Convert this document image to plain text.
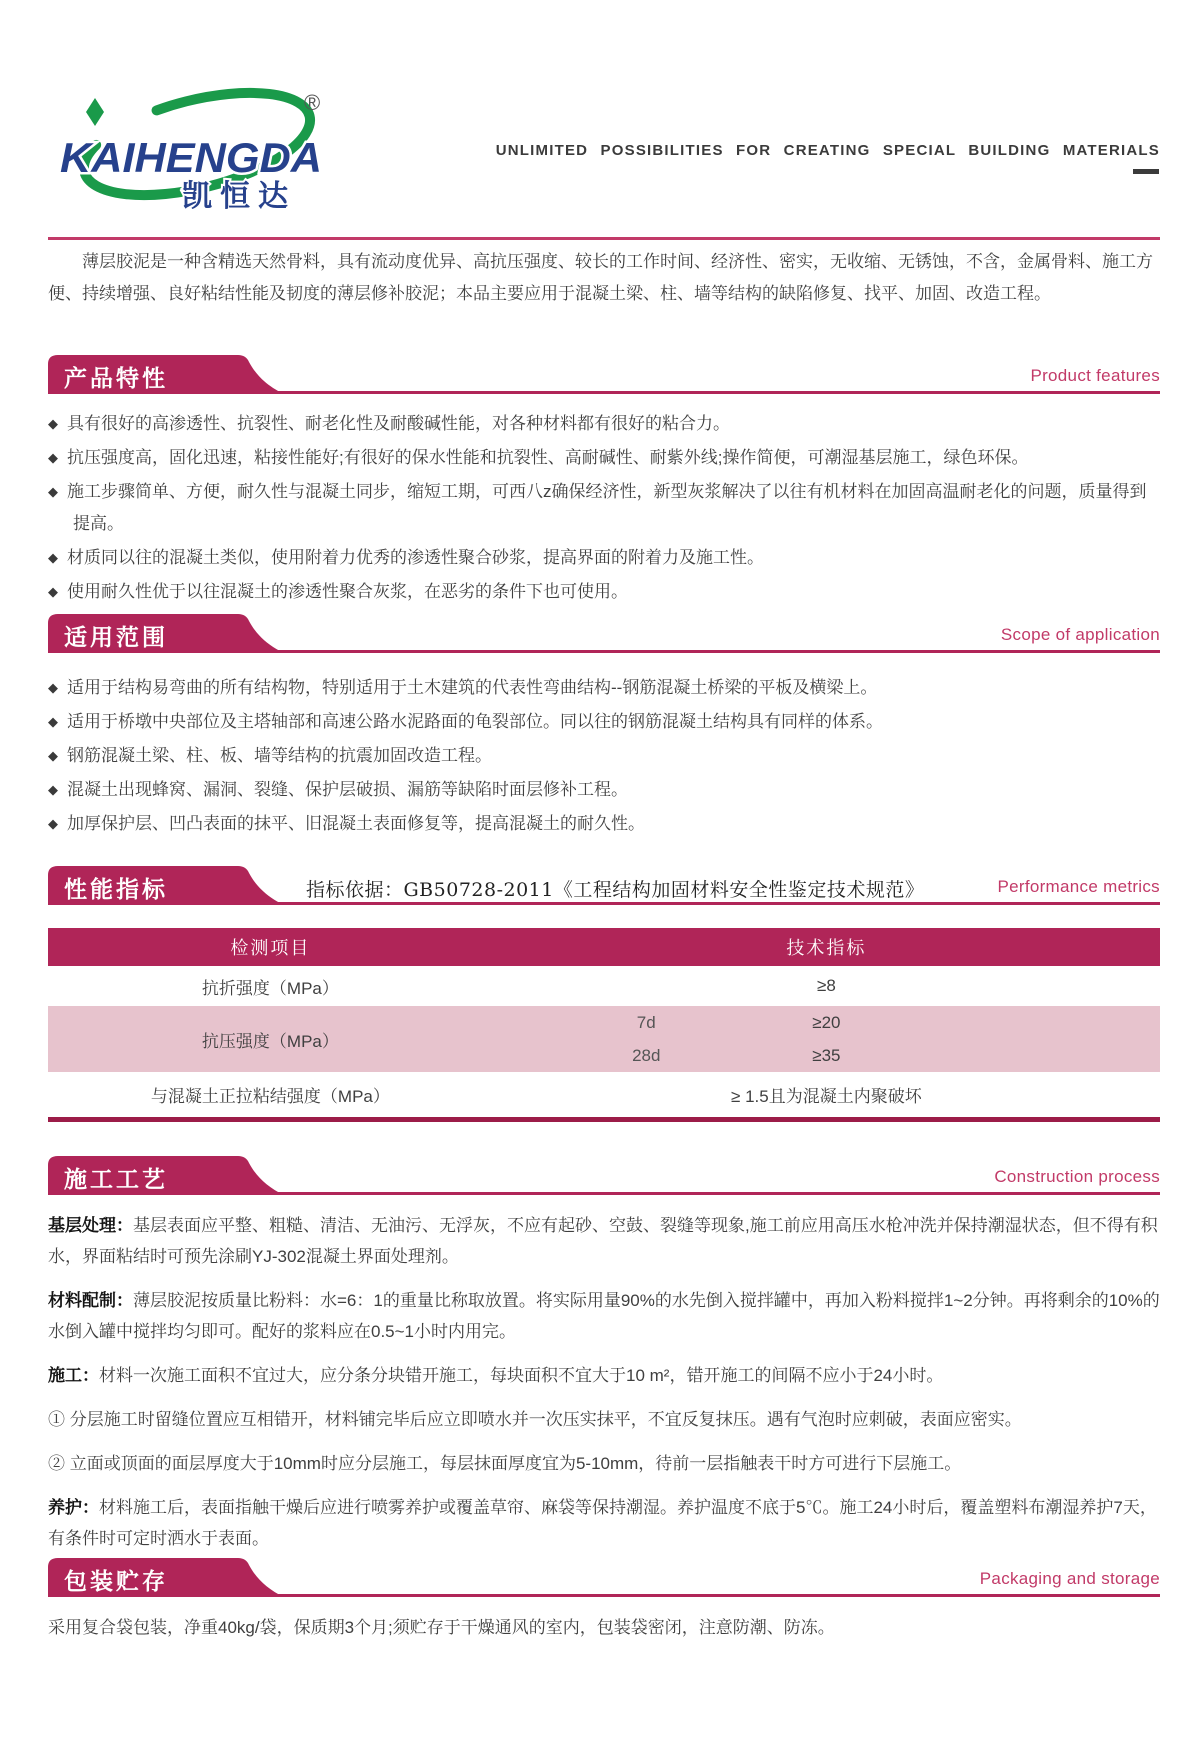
KAIHENGDA
凯恒达
®
UNLIMITED POSSIBILITIES FOR CREATING SPECIAL BUILDING MATERIALS

薄层胶泥是一种含精选天然骨料，具有流动度优异、高抗压强度、较长的工作时间、经济性、密实，无收缩、无锈蚀，不含，金属骨料、施工方便、持续增强、良好粘结性能及韧度的薄层修补胶泥；本品主要应用于混凝土梁、柱、墙等结构的缺陷修复、找平、加固、改造工程。

产品特性	Product features
◆ 具有很好的高渗透性、抗裂性、耐老化性及耐酸碱性能，对各种材料都有很好的粘合力。
◆ 抗压强度高，固化迅速，粘接性能好;有很好的保水性能和抗裂性、高耐碱性、耐紫外线;操作简便，可潮湿基层施工，绿色环保。
◆ 施工步骤简单、方便，耐久性与混凝土同步，缩短工期，可西八z确保经济性，新型灰浆解决了以往有机材料在加固高温耐老化的问题，质量得到提高。
◆ 材质同以往的混凝土类似，使用附着力优秀的渗透性聚合砂浆，提高界面的附着力及施工性。
◆ 使用耐久性优于以往混凝土的渗透性聚合灰浆，在恶劣的条件下也可使用。
适用范围	Scope of application
◆ 适用于结构易弯曲的所有结构物，特别适用于土木建筑的代表性弯曲结构--钢筋混凝土桥梁的平板及横梁上。
◆ 适用于桥墩中央部位及主塔轴部和高速公路水泥路面的龟裂部位。同以往的钢筋混凝土结构具有同样的体系。
◆ 钢筋混凝土梁、柱、板、墙等结构的抗震加固改造工程。
◆ 混凝土出现蜂窝、漏洞、裂缝、保护层破损、漏筋等缺陷时面层修补工程。
◆ 加厚保护层、凹凸表面的抹平、旧混凝土表面修复等，提高混凝土的耐久性。
性能指标	指标依据：GB50728-2011《工程结构加固材料安全性鉴定技术规范》	Performance metrics
检测项目	技术指标
抗折强度（MPa）	≥8
抗压强度（MPa）
7d	≥20
28d	≥35
与混凝土正拉粘结强度（MPa）	≥ 1.5且为混凝土内聚破坏
施工工艺	Construction process

基层处理：基层表面应平整、粗糙、清洁、无油污、无浮灰，不应有起砂、空鼓、裂缝等现象,施工前应用高压水枪冲洗并保持潮湿状态，但不得有积水，界面粘结时可预先涂刷YJ-302混凝土界面处理剂。

材料配制：薄层胶泥按质量比粉料：水=6：1的重量比称取放置。将实际用量90%的水先倒入搅拌罐中，再加入粉料搅拌1~2分钟。再将剩余的10%的水倒入罐中搅拌均匀即可。配好的浆料应在0.5~1小时内用完。

施工：材料一次施工面积不宜过大，应分条分块错开施工，每块面积不宜大于10 m²，错开施工的间隔不应小于24小时。

① 分层施工时留缝位置应互相错开，材料铺完毕后应立即喷水并一次压实抹平，不宜反复抹压。遇有气泡时应刺破，表面应密实。

② 立面或顶面的面层厚度大于10mm时应分层施工，每层抹面厚度宜为5-10mm，待前一层指触表干时方可进行下层施工。

养护：材料施工后，表面指触干燥后应进行喷雾养护或覆盖草帘、麻袋等保持潮湿。养护温度不底于5℃。施工24小时后，覆盖塑料布潮湿养护7天，有条件时可定时洒水于表面。

包装贮存	Packaging and storage

采用复合袋包装，净重40kg/袋，保质期3个月;须贮存于干燥通风的室内，包装袋密闭，注意防潮、防冻。
